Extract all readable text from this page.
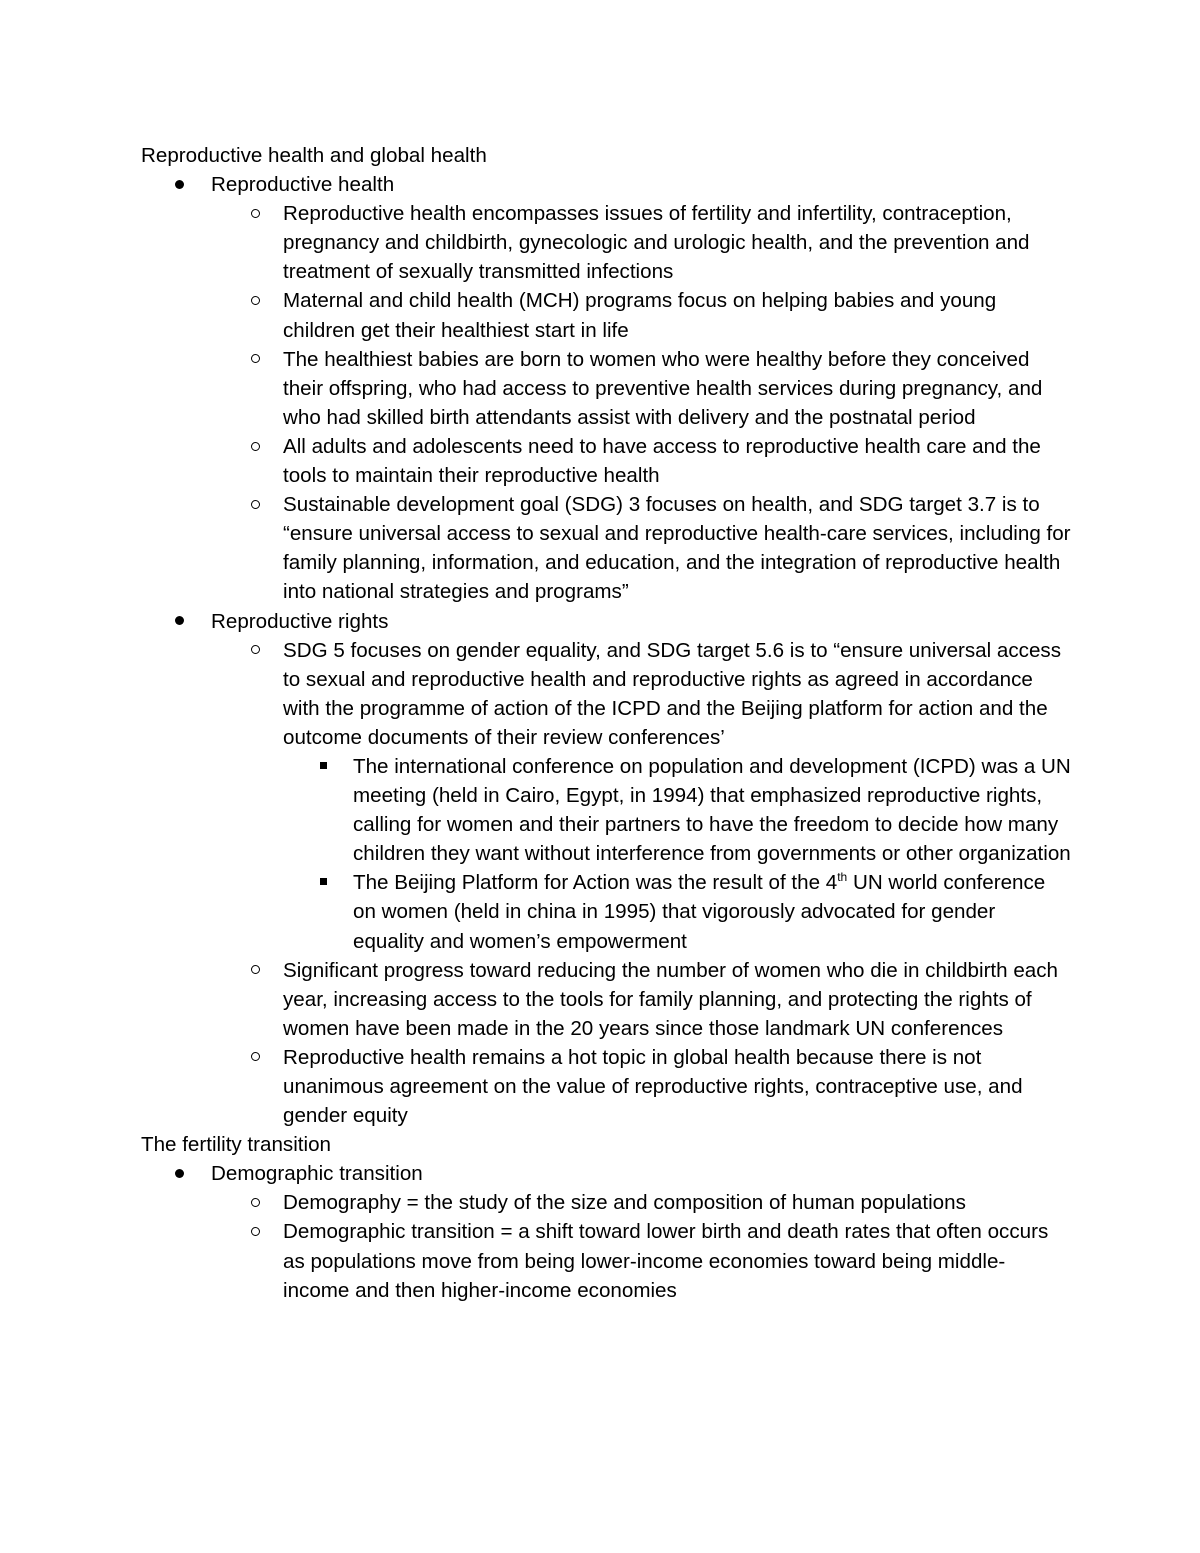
Reproductive health and global health

Reproductive health
Reproductive health encompasses issues of fertility and infertility, contraception, pregnancy and childbirth, gynecologic and urologic health, and the prevention and treatment of sexually transmitted infections
Maternal and child health (MCH) programs focus on helping babies and young children get their healthiest start in life
The healthiest babies are born to women who were healthy before they conceived their offspring, who had access to preventive health services during pregnancy, and who had skilled birth attendants assist with delivery and the postnatal period
All adults and adolescents need to have access to reproductive health care and the tools to maintain their reproductive health
Sustainable development goal (SDG) 3 focuses on health, and SDG target 3.7 is to “ensure universal access to sexual and reproductive health-care services, including for family planning, information, and education, and the integration of reproductive health into national strategies and programs”
Reproductive rights
SDG 5 focuses on gender equality, and SDG target 5.6 is to “ensure universal access to sexual and reproductive health and reproductive rights as agreed in accordance with the programme of action of the ICPD and the Beijing platform for action and the outcome documents of their review conferences’
The international conference on population and development (ICPD) was a UN meeting (held in Cairo, Egypt, in 1994) that emphasized reproductive rights, calling for women and their partners to have the freedom to decide how many children they want without interference from governments or other organization
The Beijing Platform for Action was the result of the 4th UN world conference on women (held in china in 1995) that vigorously advocated for gender equality and women’s empowerment
Significant progress toward reducing the number of women who die in childbirth each year, increasing access to the tools for family planning, and protecting the rights of women have been made in the 20 years since those landmark UN conferences
Reproductive health remains a hot topic in global health because there is not unanimous agreement on the value of reproductive rights, contraceptive use, and gender equity

The fertility transition

Demographic transition
Demography = the study of the size and composition of human populations
Demographic transition = a shift toward lower birth and death rates that often occurs as populations move from being lower-income economies toward being middle-income and then higher-income economies
